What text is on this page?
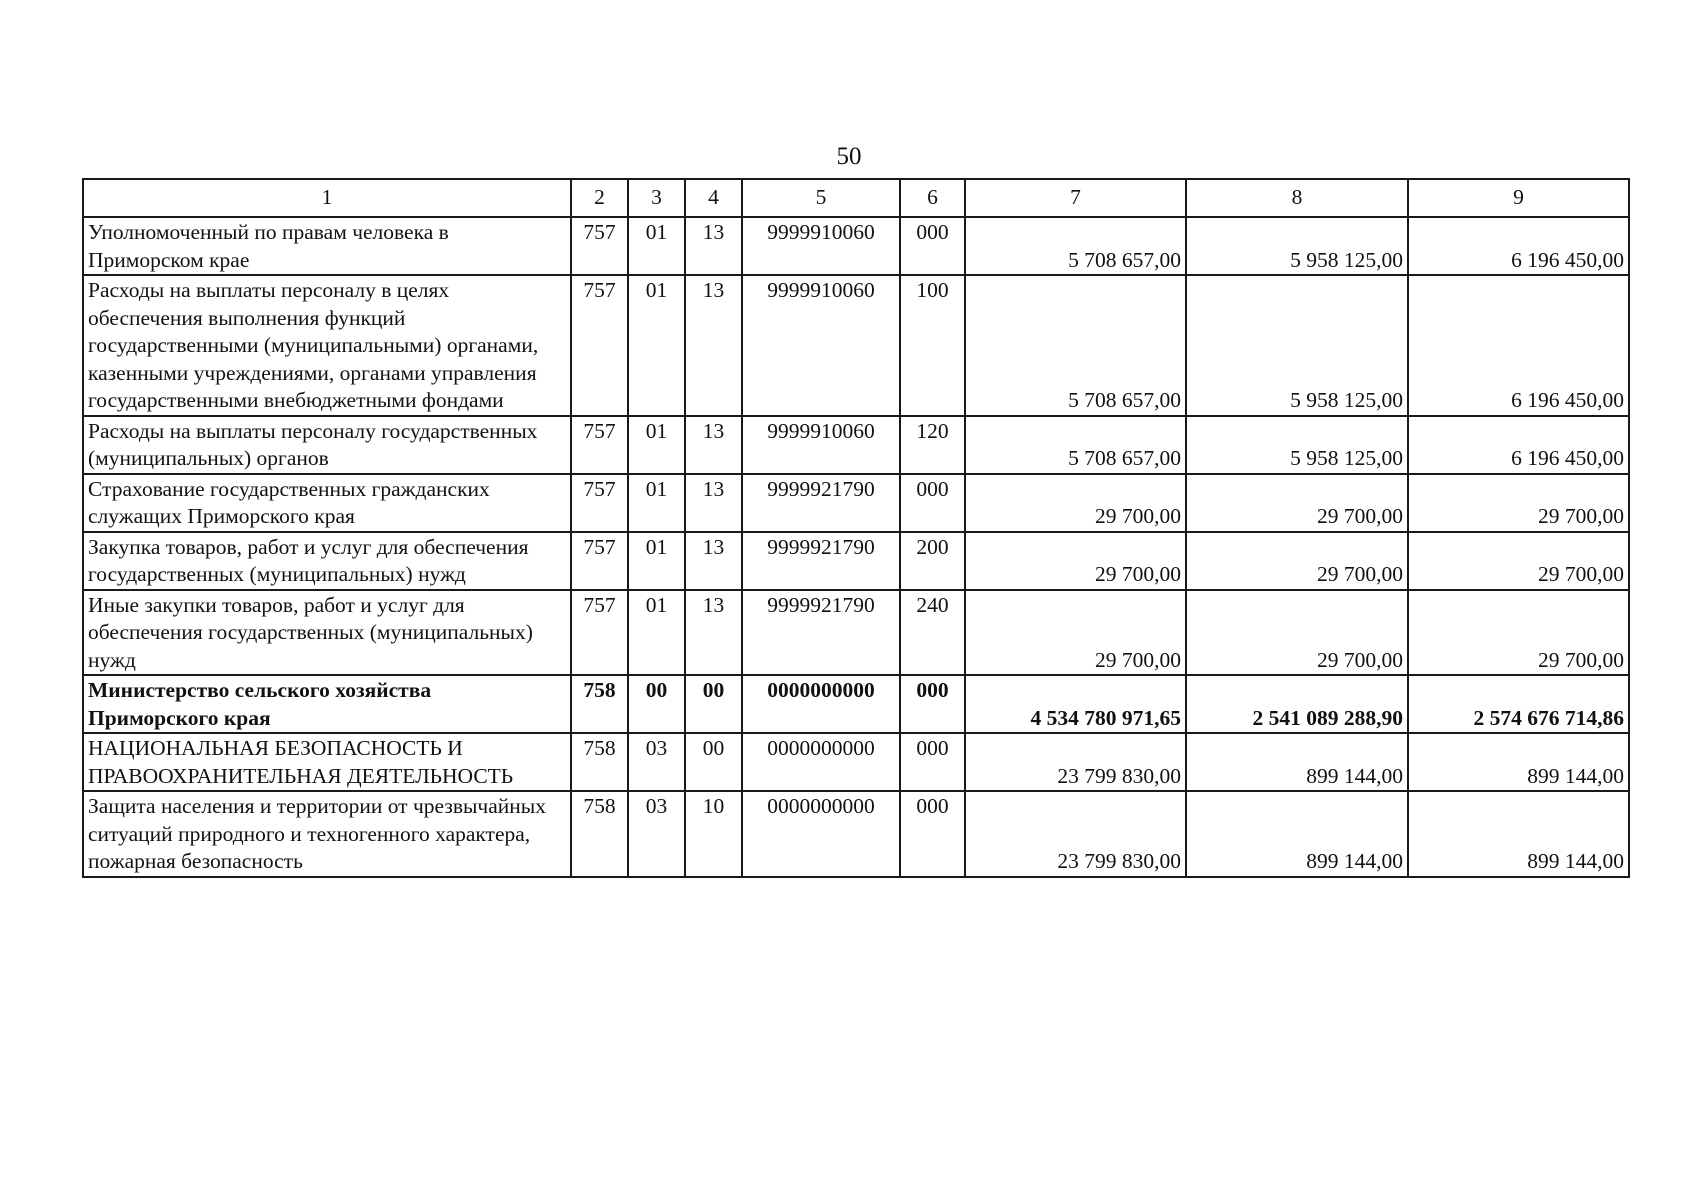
50
1	2	3	4	5	6	7	8	9
Уполномоченный по правам человека в Приморском крае	757	01	13	9999910060	000	5 708 657,00	5 958 125,00	6 196 450,00
Расходы на выплаты персоналу в целях обеспечения выполнения функций государственными (муниципальными) органами, казенными учреждениями, органами управления государственными внебюджетными фондами	757	01	13	9999910060	100	5 708 657,00	5 958 125,00	6 196 450,00
Расходы на выплаты персоналу государственных (муниципальных) органов	757	01	13	9999910060	120	5 708 657,00	5 958 125,00	6 196 450,00
Страхование государственных гражданских служащих Приморского края	757	01	13	9999921790	000	29 700,00	29 700,00	29 700,00
Закупка товаров, работ и услуг для обеспечения государственных (муниципальных) нужд	757	01	13	9999921790	200	29 700,00	29 700,00	29 700,00
Иные закупки товаров, работ и услуг для обеспечения государственных (муниципальных) нужд	757	01	13	9999921790	240	29 700,00	29 700,00	29 700,00
Министерство сельского хозяйства Приморского края	758	00	00	0000000000	000	4 534 780 971,65	2 541 089 288,90	2 574 676 714,86
НАЦИОНАЛЬНАЯ БЕЗОПАСНОСТЬ И ПРАВООХРАНИТЕЛЬНАЯ ДЕЯТЕЛЬНОСТЬ	758	03	00	0000000000	000	23 799 830,00	899 144,00	899 144,00
Защита населения и территории от чрезвычайных ситуаций природного и техногенного характера, пожарная безопасность	758	03	10	0000000000	000	23 799 830,00	899 144,00	899 144,00
